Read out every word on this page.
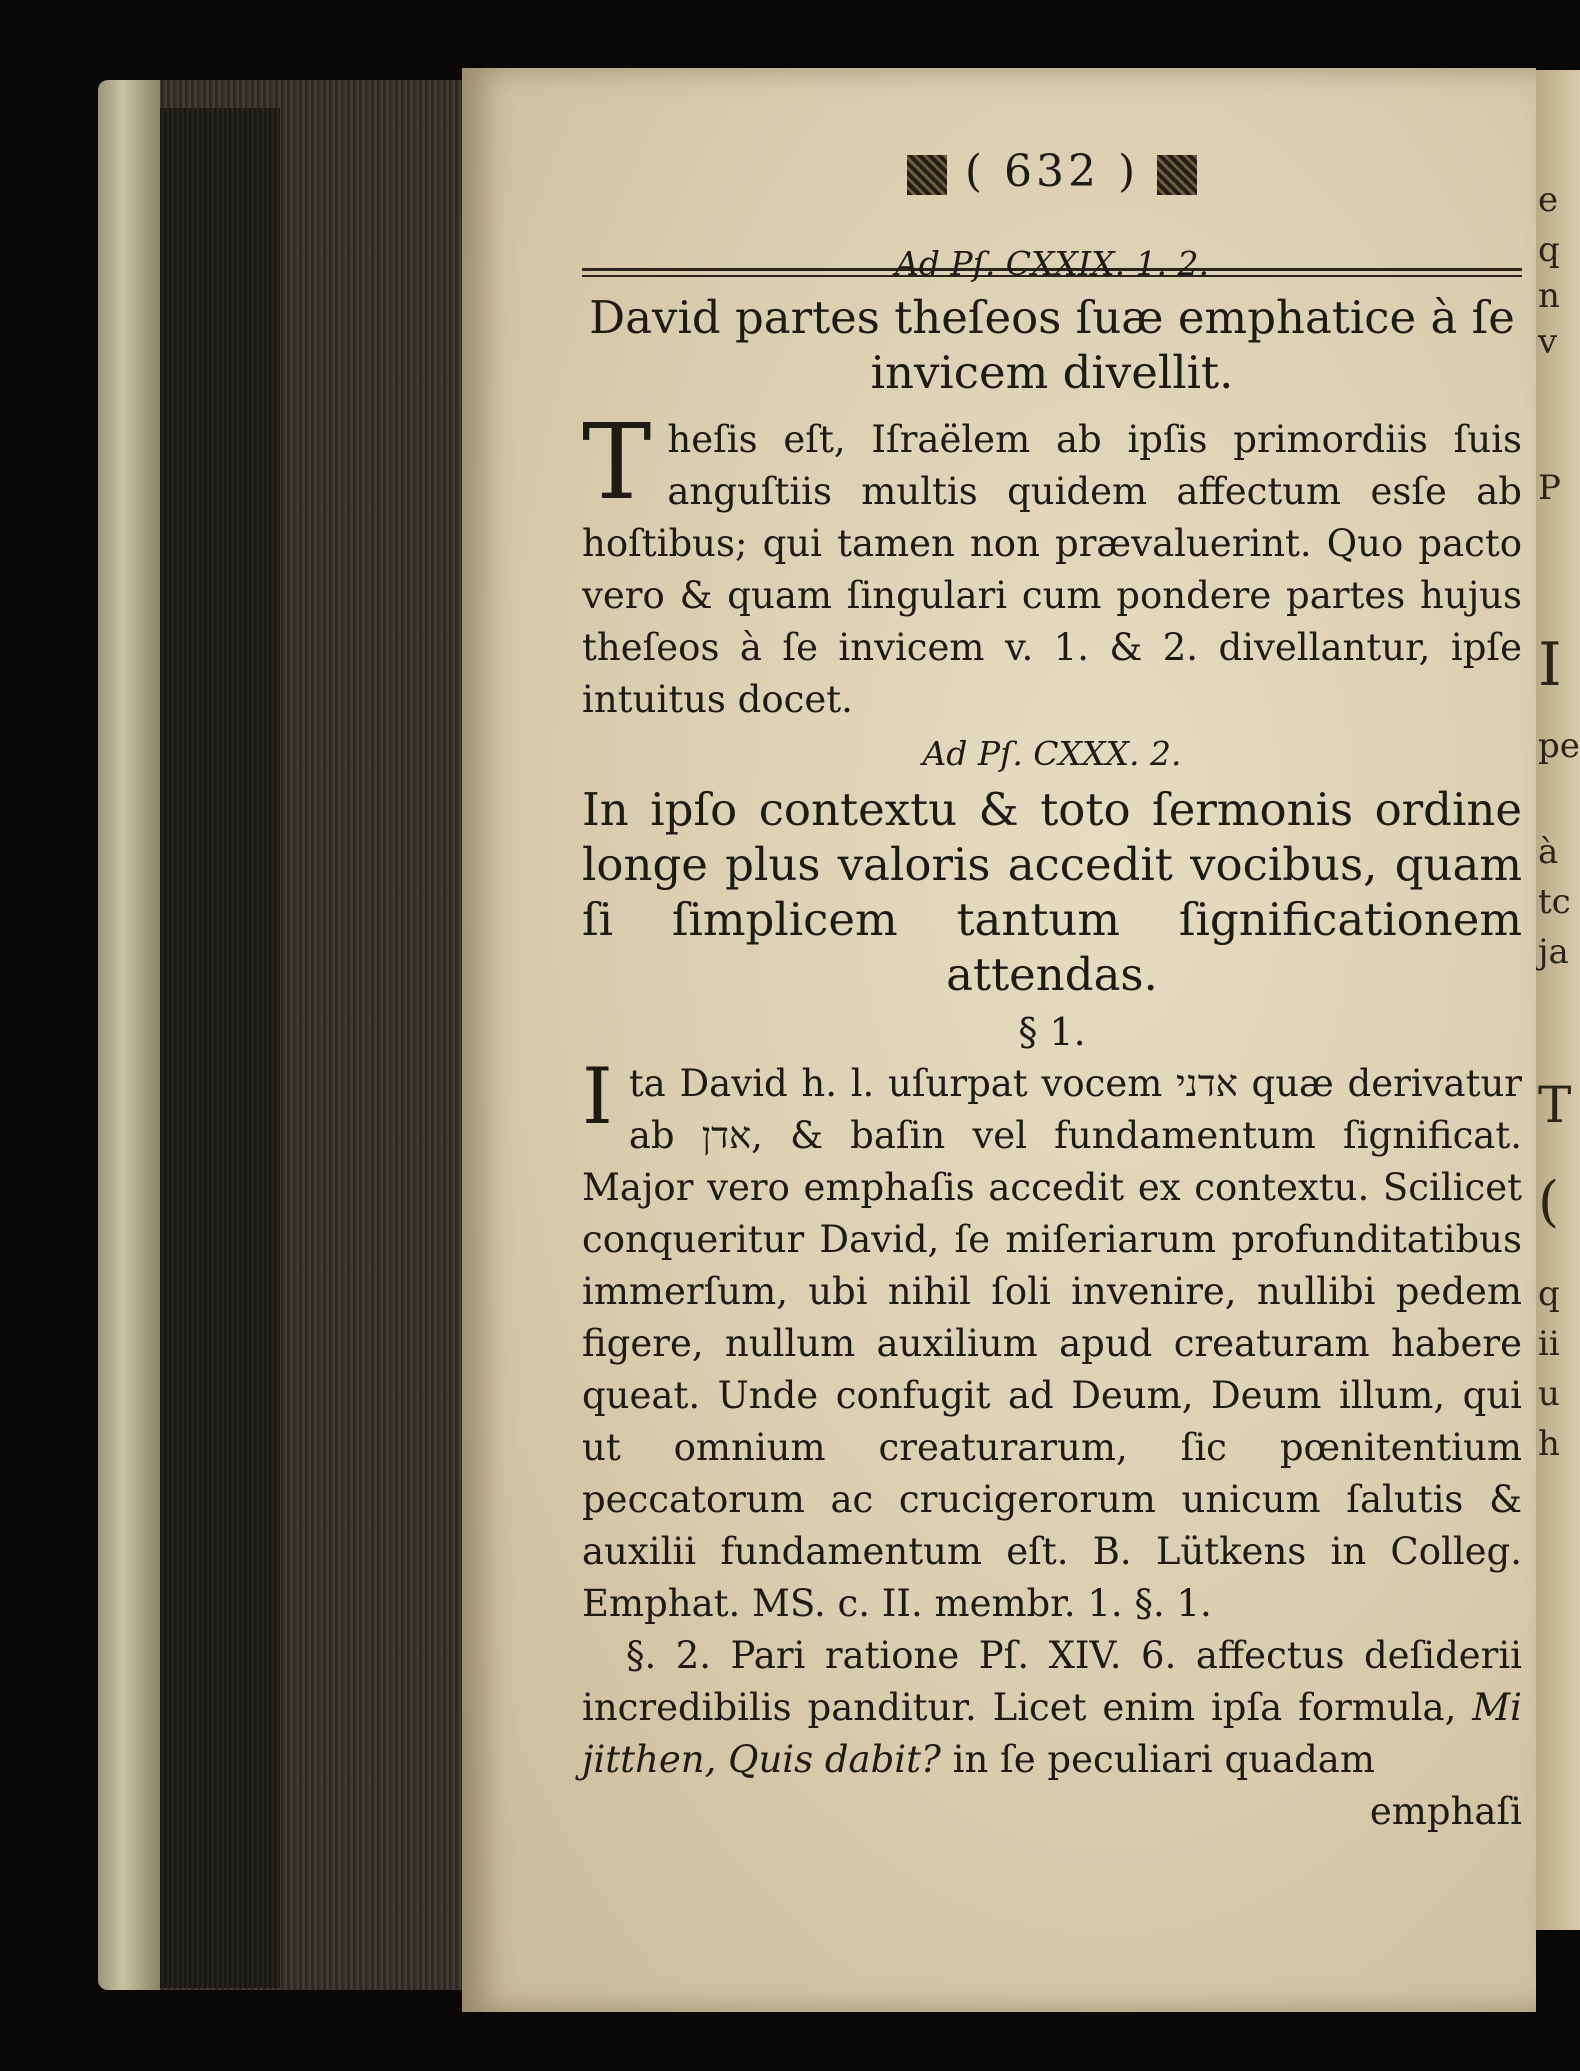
e
q
n
v
P
I
pe
à
tc
ja
T
(
q
ii
u
h
( 632 )
Ad Pſ. CXXIX. 1. 2.
David partes theſeos ſuæ emphatice à ſe
invicem divellit.

Theſis eſt, Iſraëlem ab ipſis primordiis ſuis anguſtiis multis quidem affectum esſe ab hoſtibus; qui tamen non prævaluerint. Quo pacto vero & quam ſingulari cum pondere partes hujus theſeos à ſe invicem v. 1. & 2. divellantur, ipſe intuitus docet.

Ad Pſ. CXXX. 2.
In ipſo contextu & toto ſermonis ordine longe plus valoris accedit vocibus, quam ſi ſimplicem tantum ſignificationem attendas.
§ 1.

Ita David h. l. uſurpat vocem אדני quæ derivatur ab אדן, & baſin vel fundamentum ſignificat. Major vero emphaſis accedit ex contextu. Scilicet conqueritur David, ſe miſeriarum profunditatibus immerſum, ubi nihil ſoli invenire, nullibi pedem figere, nullum auxilium apud creaturam habere queat. Unde confugit ad Deum, Deum illum, qui ut omnium creaturarum, ſic pœnitentium peccatorum ac crucigerorum unicum ſalutis & auxilii fundamentum eſt. B. Lütkens in Colleg. Emphat. MS. c. II. membr. 1. §. 1.

§. 2. Pari ratione Pſ. XIV. 6. affectus deſiderii incredibilis panditur. Licet enim ipſa formula, Mi jitthen, Quis dabit? in ſe peculiari quadam

emphaſi
